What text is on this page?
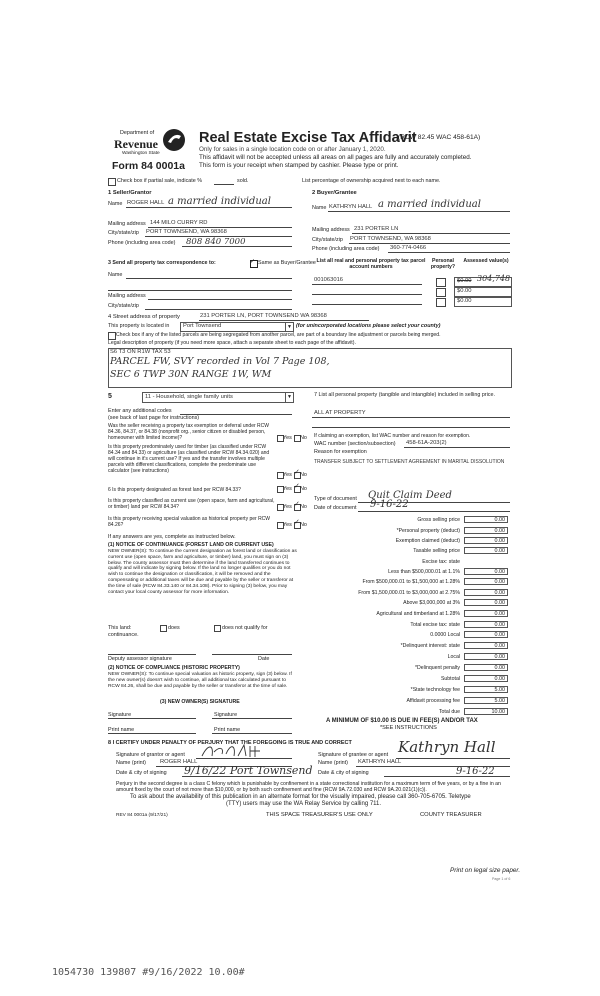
Department of
Revenue
Washington State
Form 84 0001a
Real Estate Excise Tax Affidavit
(RCW 82.45 WAC 458-61A)
Only for sales in a single location code on or after January 1, 2020.
This affidavit will not be accepted unless all areas on all pages are fully and accurately completed.
This form is your receipt when stamped by cashier. Please type or print.
Check box if partial sale, indicate %	sold.	List percentage of ownership acquired next to each name.
1 Seller/Grantor
Name ROGER HALL a married individual
Mailing address 144 MILO CURRY RD
City/state/zip PORT TOWNSEND, WA 98368
Phone (including area code) 808 840 7000
2 Buyer/Grantee
Name KATHRYN HALL a married individual
Mailing address 231 PORTER LN
City/state/zip PORT TOWNSEND, WA 98368
Phone (including area code) 360-774-0466
3 Send all property tax correspondence to:	✓ Same as Buyer/Grantee
Name
Mailing address
City/state/zip
List all real and personal property tax parcel account numbers
Personal property?
Assessed value(s)
001063016	$0.00 304,748
$0.00
$0.00
4 Street address of property	231 PORTER LN, PORT TOWNSEND WA 98368
This property is located in Port Townsend	▼ (for unincorporated locations please select your county)
Check box if any of the listed parcels are being segregated from another parcel, are part of a boundary line adjustment or parcels being merged.
Legal description of property (if you need more space, attach a separate sheet to each page of the affidavit).
S6 T3 ON R1W TAX 53
PARCEL FW, SVY recorded in Vol 7 Page 108,
SEC 6 TWP 30N RANGE 1W, WM
5	11 - Household, single family units	▼
Enter any additional codes
(see back of last page for instructions)
Was the seller receiving a property tax exemption or deferral under RCW 84.36, 84.37, or 84.38 (nonprofit org., senior citizen or disabled person, homeowner with limited income)?	Yes No
Is this property predominately used for timber (as classified under RCW 84.34 and 84.33) or agriculture (as classified under RCW 84.34.020) and will continue in it's current use? If yes and the transfer involves multiple parcels with different classifications, complete the predominate use calculator (see instructions)
Yes ✓ No
6 Is this property designated as forest land per RCW 84.33?	Yes ✓ No
Is this property classified as current use (open space, farm and agricultural, or timber) land per RCW 84.34?	Yes ✓ No
Is this property receiving special valuation as historical property per RCW 84.26?	Yes ✓ No
If any answers are yes, complete as instructed below.
(1) NOTICE OF CONTINUANCE (FOREST LAND OR CURRENT USE)
NEW OWNER(S): To continue the current designation as forest land or classification as current use (open space, farm and agriculture, or timber) land, you must sign on (3) below. The county assessor must then determine if the land transferred continues to qualify and will indicate by signing below. If the land no longer qualifies or you do not wish to continue the designation or classification, it will be removed and the compensating or additional taxes will be due and payable by the seller or transferor at the time of sale (RCW 84.33.140 or 84.34.108). Prior to signing (3) below, you may contact your local county assessor for more information.
This land:	does	does not qualify for
continuance.
Deputy assessor signature	Date
(2) NOTICE OF COMPLIANCE (HISTORIC PROPERTY)
NEW OWNER(S): To continue special valuation as historic property, sign (3) below. If the new owner(s) doesn't wish to continue, all additional tax calculated pursuant to RCW 84.26, shall be due and payable by the seller or transferor at the time of sale.
(3) NEW OWNER(S) SIGNATURE
Signature	Signature
Print name	Print name
7 List all personal property (tangible and intangible) included in selling price.
ALL AT PROPERTY
If claiming an exemption, list WAC number and reason for exemption.
WAC number (section/subsection) 458-61A-203(2)
Reason for exemption
TRANSFER SUBJECT TO SETTLEMENT AGREEMENT IN MARITAL DISSOLUTION
Type of document Quit Claim Deed
Date of document 9-16-22
Gross selling price	0.00
*Personal property (deduct)	0.00
Exemption claimed (deduct)	0.00
Taxable selling price	0.00
Excise tax: state
Less than $500,000.01 at 1.1%	0.00
From $500,000.01 to $1,500,000 at 1.28%	0.00
From $1,500,000.01 to $3,000,000 at 2.75%	0.00
Above $3,000,000 at 3%	0.00
Agricultural and timberland at 1.28%	0.00
Total excise tax: state	0.00
0.0000 Local	0.00
*Delinquent interest: state	0.00
Local	0.00
*Delinquent penalty	0.00
Subtotal	0.00
*State technology fee	5.00
Affidavit processing fee	5.00
Total due	10.00
A MINIMUM OF $10.00 IS DUE IN FEE(S) AND/OR TAX
*SEE INSTRUCTIONS
8 I CERTIFY UNDER PENALTY OF PERJURY THAT THE FOREGOING IS TRUE AND CORRECT
Signature of grantor or agent	Signature of grantee or agent Kathryn Hall
Name (print) ROGER HALL	Name (print) KATHRYN HALL
Date & city of signing 9/16/22 Port Townsend Date & city of signing	9-16-22
Perjury in the second degree is a class C felony which is punishable by confinement in a state correctional institution for a maximum term of five years, or by a fine in an amount fixed by the court of not more than $10,000, or by both such confinement and fine (RCW 9A.72.030 and RCW 9A.20.021(1)(c)).
To ask about the availability of this publication in an alternate format for the visually impaired, please call 360-705-6705. Teletype
(TTY) users may use the WA Relay Service by calling 711.
REV 84 0001a (9/17/21)	THIS SPACE TREASURER'S USE ONLY	COUNTY TREASURER
Print on legal size paper.
Page 1 of 6
1054730 139807 #9/16/2022 10.00#
